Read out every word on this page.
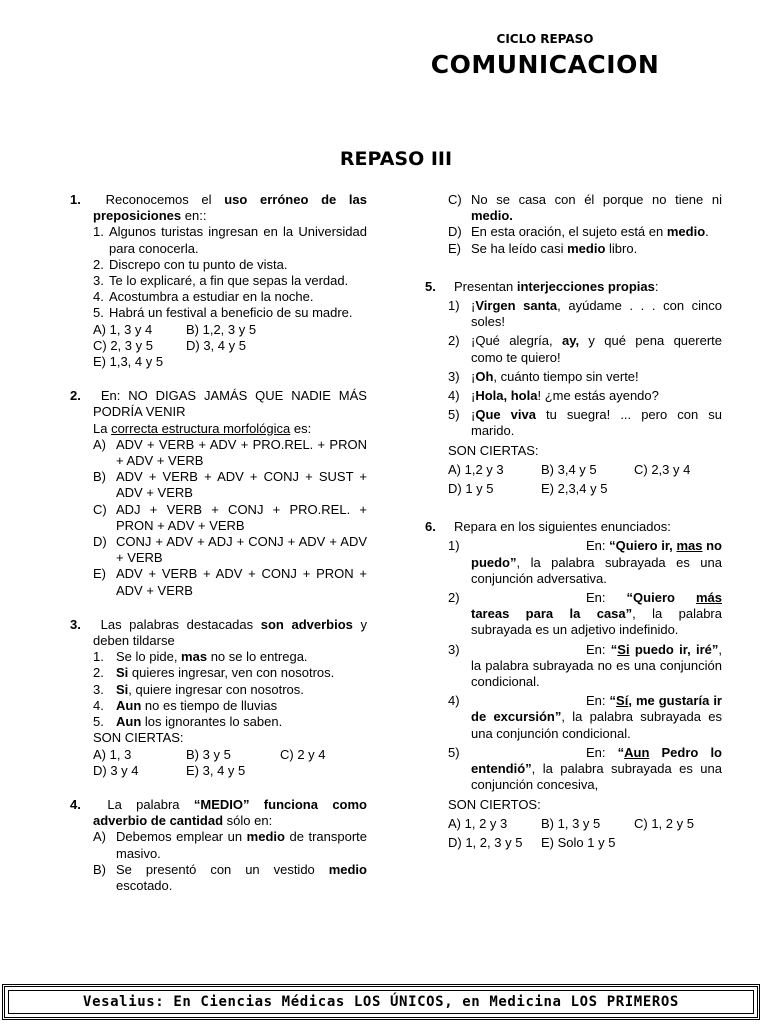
CICLO REPASO
COMUNICACION
REPASO III
1.	Reconocemos el uso erróneo de las preposiciones en::
1. Algunos turistas ingresan en la Universidad para conocerla.
2. Discrepo con tu punto de vista.
3. Te lo explicaré, a fin que sepas la verdad.
4. Acostumbra a estudiar en la noche.
5. Habrá un festival a beneficio de su madre.
A) 1, 3 y 4	B) 1,2, 3 y 5
C) 2, 3 y 5	D) 3, 4 y 5
E) 1,3, 4 y 5
2.	En: NO DIGAS JAMÁS QUE NADIE MÁS PODRÍA VENIR
La correcta estructura morfológica es:
A) ADV + VERB + ADV + PRO.REL. + PRON + ADV + VERB
B) ADV + VERB + ADV + CONJ + SUST + ADV + VERB
C) ADJ + VERB + CONJ + PRO.REL. + PRON + ADV + VERB
D) CONJ + ADV + ADJ + CONJ + ADV + ADV + VERB
E) ADV + VERB + ADV + CONJ + PRON + ADV + VERB
3.	Las palabras destacadas son adverbios y deben tildarse
1. Se lo pide, mas no se lo entrega.
2. Si quieres ingresar, ven con nosotros.
3. Si, quiere ingresar con nosotros.
4. Aun no es tiempo de lluvias
5. Aun los ignorantes lo saben.
SON CIERTAS:
A) 1, 3	B) 3 y 5	C) 2 y 4
D) 3 y 4	E) 3, 4 y 5
4.	La palabra “MEDIO” funciona como adverbio de cantidad sólo en:
A) Debemos emplear un medio de transporte masivo.
B) Se presentó con un vestido medio escotado.
C) No se casa con él porque no tiene ni medio.
D) En esta oración, el sujeto está en medio.
E) Se ha leído casi medio libro.
5.	Presentan interjecciones propias:
1) ¡Virgen santa, ayúdame . . . con cinco soles!
2) ¡Qué alegría, ay, y qué pena quererte como te quiero!
3) ¡Oh, cuánto tiempo sin verte!
4) ¡Hola, hola! ¿me estás ayendo?
5) ¡Que viva tu suegra! ... pero con su marido.
SON CIERTAS:
A) 1,2 y 3	B) 3,4 y 5	C) 2,3 y 4
D) 1 y 5	E) 2,3,4 y 5
6.	Repara en los siguientes enunciados:
1)	En: “Quiero ir, mas no puedo”, la palabra subrayada es una conjunción adversativa.
2)	En: “Quiero más tareas para la casa”, la palabra subrayada es un adjetivo indefinido.
3)	En: “Si puedo ir, iré”, la palabra subrayada no es una conjunción condicional.
4)	En: “Sí, me gustaría ir de excursión”, la palabra subrayada es una conjunción condicional.
5)	En: “Aun Pedro lo entendió”, la palabra subrayada es una conjunción concesiva,
SON CIERTOS:
A) 1, 2 y 3	B) 1, 3 y 5	C) 1, 2 y 5
D) 1, 2, 3 y 5	E) Solo 1 y 5
Vesalius: En Ciencias Médicas LOS ÚNICOS, en Medicina LOS PRIMEROS
